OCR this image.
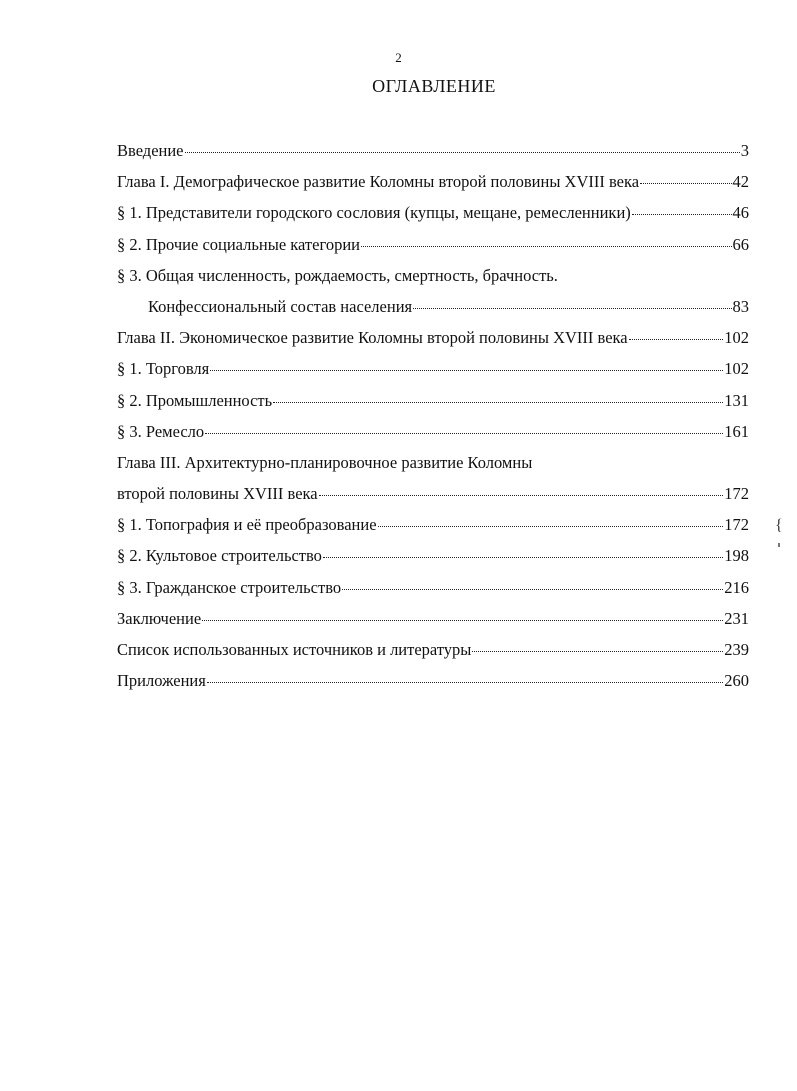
2
ОГЛАВЛЕНИЕ
Введение	3
Глава I. Демографическое развитие Коломны второй половины XVIII века	42
§ 1. Представители городского сословия (купцы, мещане, ремесленники)	46
§ 2. Прочие социальные категории	66
§ 3. Общая численность, рождаемость, смертность, брачность.
Конфессиональный состав населения	83
Глава II. Экономическое развитие Коломны второй половины XVIII века	102
§ 1. Торговля	102
§ 2. Промышленность	131
§ 3. Ремесло	161
Глава III. Архитектурно-планировочное развитие Коломны
второй половины XVIII века	172
§ 1. Топография и её преобразование	172
§ 2. Культовое строительство	198
§ 3. Гражданское строительство	216
Заключение	231
Список использованных источников и литературы	239
Приложения	260
{
